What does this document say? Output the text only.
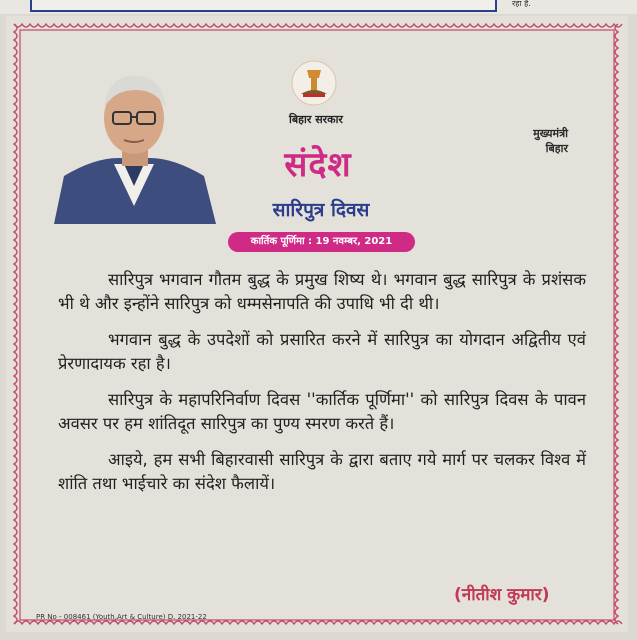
रहा है.
बिहार सरकार
मुख्यमंत्री
बिहार
संदेश
सारिपुत्र दिवस
कार्तिक पूर्णिमा : 19 नवम्बर, 2021

सारिपुत्र भगवान गौतम बुद्ध के प्रमुख शिष्य थे। भगवान बुद्ध सारिपुत्र के प्रशंसक भी थे और इन्होंने सारिपुत्र को धम्मसेनापति की उपाधि भी दी थी।

भगवान बुद्ध के उपदेशों को प्रसारित करने में सारिपुत्र का योगदान अद्वितीय एवं प्रेरणादायक रहा है।

सारिपुत्र के महापरिनिर्वाण दिवस ''कार्तिक पूर्णिमा'' को सारिपुत्र दिवस के पावन अवसर पर हम शांतिदूत सारिपुत्र का पुण्य स्मरण करते हैं।

आइये, हम सभी बिहारवासी सारिपुत्र के द्वारा बताए गये मार्ग पर चलकर विश्व में शांति तथा भाईचारे का संदेश फैलायें।

(नीतीश कुमार)
PR No - 008461 (Youth,Art & Culture) D. 2021-22
